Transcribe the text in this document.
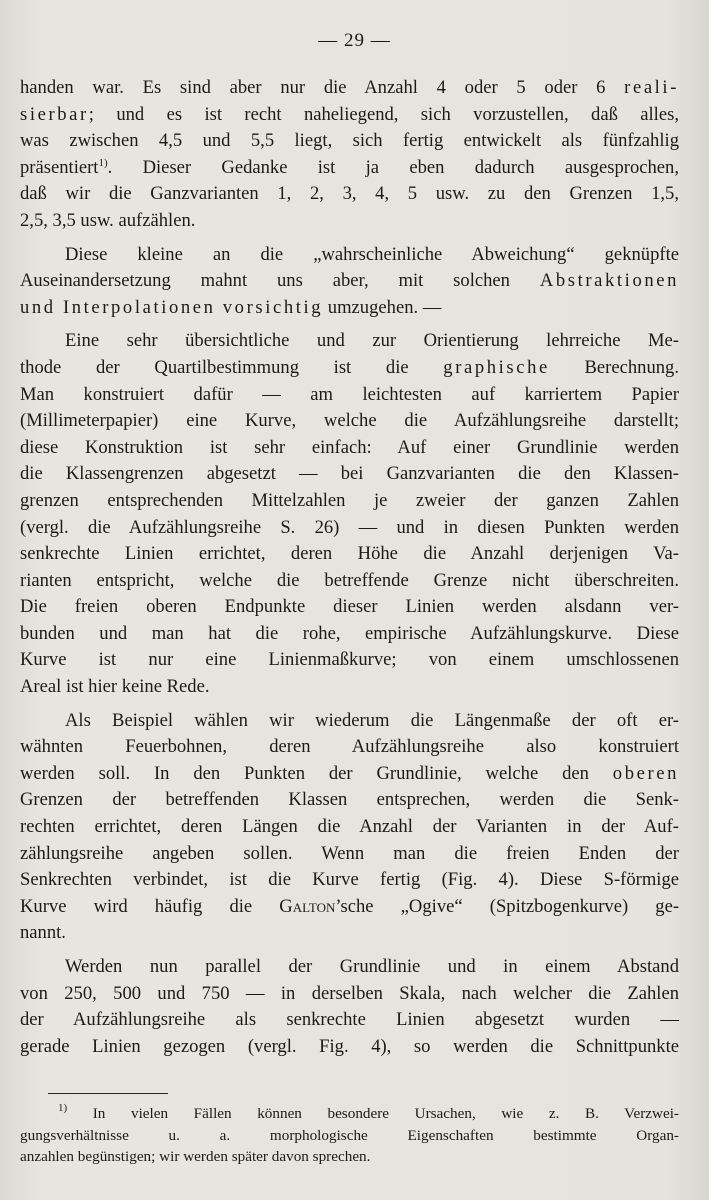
— 29 —

handen war. Es sind aber nur die Anzahl 4 oder 5 oder 6 reali-
sierbar; und es ist recht naheliegend, sich vorzustellen, daß alles,
was zwischen 4,5 und 5,5 liegt, sich fertig entwickelt als fünfzahlig
präsentiert$^{1)}$. Dieser Gedanke ist ja eben dadurch ausgesprochen,
daß wir die Ganzvarianten 1, 2, 3, 4, 5 usw. zu den Grenzen 1,5,
2,5, 3,5 usw. aufzählen.

Diese kleine an die „wahrscheinliche Abweichung“ geknüpfte
Auseinandersetzung mahnt uns aber, mit solchen Abstraktionen
und Interpolationen vorsichtig umzugehen. —

Eine sehr übersichtliche und zur Orientierung lehrreiche Me-
thode der Quartilbestimmung ist die graphische Berechnung.
Man konstruiert dafür — am leichtesten auf karriertem Papier
(Millimeterpapier) eine Kurve, welche die Aufzählungsreihe darstellt;
diese Konstruktion ist sehr einfach: Auf einer Grundlinie werden
die Klassengrenzen abgesetzt — bei Ganzvarianten die den Klassen-
grenzen entsprechenden Mittelzahlen je zweier der ganzen Zahlen
(vergl. die Aufzählungsreihe S. 26) — und in diesen Punkten werden
senkrechte Linien errichtet, deren Höhe die Anzahl derjenigen Va-
rianten entspricht, welche die betreffende Grenze nicht überschreiten.
Die freien oberen Endpunkte dieser Linien werden alsdann ver-
bunden und man hat die rohe, empirische Aufzählungskurve. Diese
Kurve ist nur eine Linienmaßkurve; von einem umschlossenen
Areal ist hier keine Rede.

Als Beispiel wählen wir wiederum die Längenmaße der oft er-
wähnten Feuerbohnen, deren Aufzählungsreihe also konstruiert
werden soll. In den Punkten der Grundlinie, welche den oberen
Grenzen der betreffenden Klassen entsprechen, werden die Senk-
rechten errichtet, deren Längen die Anzahl der Varianten in der Auf-
zählungsreihe angeben sollen. Wenn man die freien Enden der
Senkrechten verbindet, ist die Kurve fertig (Fig. 4). Diese S-förmige
Kurve wird häufig die Galton’sche „Ogive“ (Spitzbogenkurve) ge-
nannt.

Werden nun parallel der Grundlinie und in einem Abstand
von 250, 500 und 750 — in derselben Skala, nach welcher die Zahlen
der Aufzählungsreihe als senkrechte Linien abgesetzt wurden —
gerade Linien gezogen (vergl. Fig. 4), so werden die Schnittpunkte

$^{1)}$ In vielen Fällen können besondere Ursachen, wie z. B. Verzwei-
gungsverhältnisse u. a. morphologische Eigenschaften bestimmte Organ-
anzahlen begünstigen; wir werden später davon sprechen.
